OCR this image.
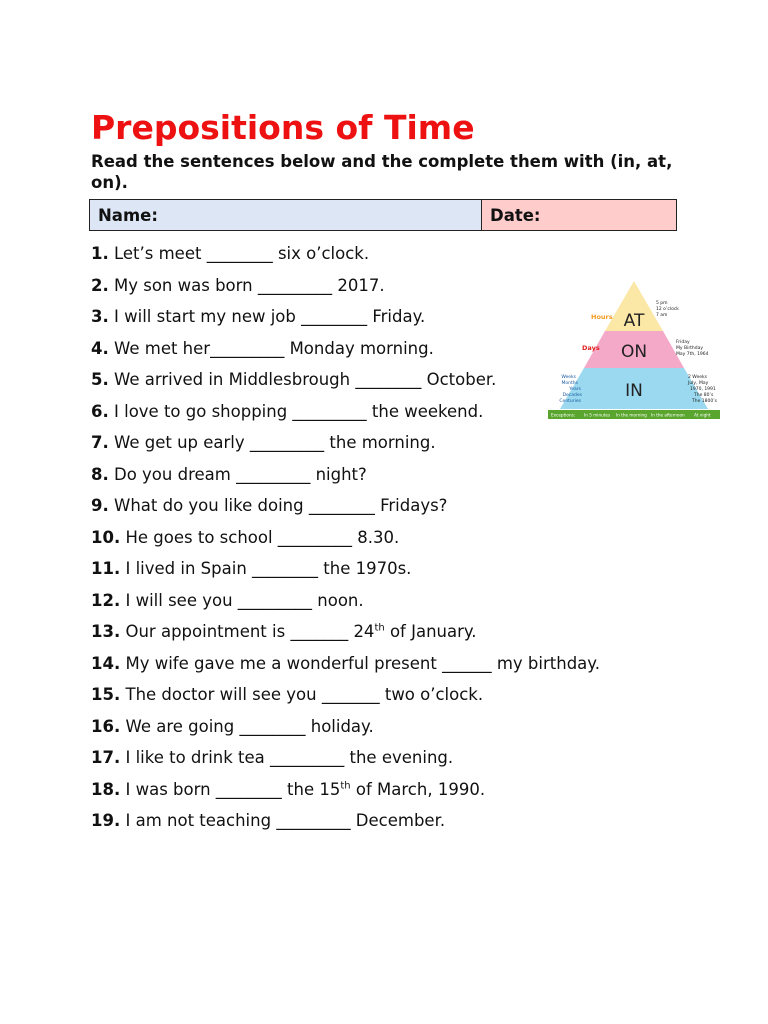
Prepositions of Time

Read the sentences below and the complete them with (in, at, on).

Name:	Date:
1. Let’s meet ________ six o’clock.
2. My son was born _________ 2017.
3. I will start my new job ________ Friday.
4. We met her_________ Monday morning.
5. We arrived in Middlesbrough ________ October.
6. I love to go shopping _________ the weekend.
7. We get up early _________ the morning.
8. Do you dream _________ night?
9. What do you like doing ________ Fridays?
10. He goes to school _________ 8.30.
11. I lived in Spain ________ the 1970s.
12. I will see you _________ noon.
13. Our appointment is _______ 24th of January.
14. My wife gave me a wonderful present ______ my birthday.
15. The doctor will see you _______ two o’clock.
16. We are going ________ holiday.
17. I like to drink tea _________ the evening.
18. I was born ________ the 15th of March, 1990.
19. I am not teaching _________ December.
AT
ON
IN
Hours
Days
5 pm
12 o’clock
7 am
Friday
My Birthday
May 7th, 1964
Weeks
Months
Years
Decades
Centuries
2 Weeks
July, May
1970, 1991
The 80’s
The 1800’s
Exceptions: In 5 minutes In the morning In the afternoon At night
